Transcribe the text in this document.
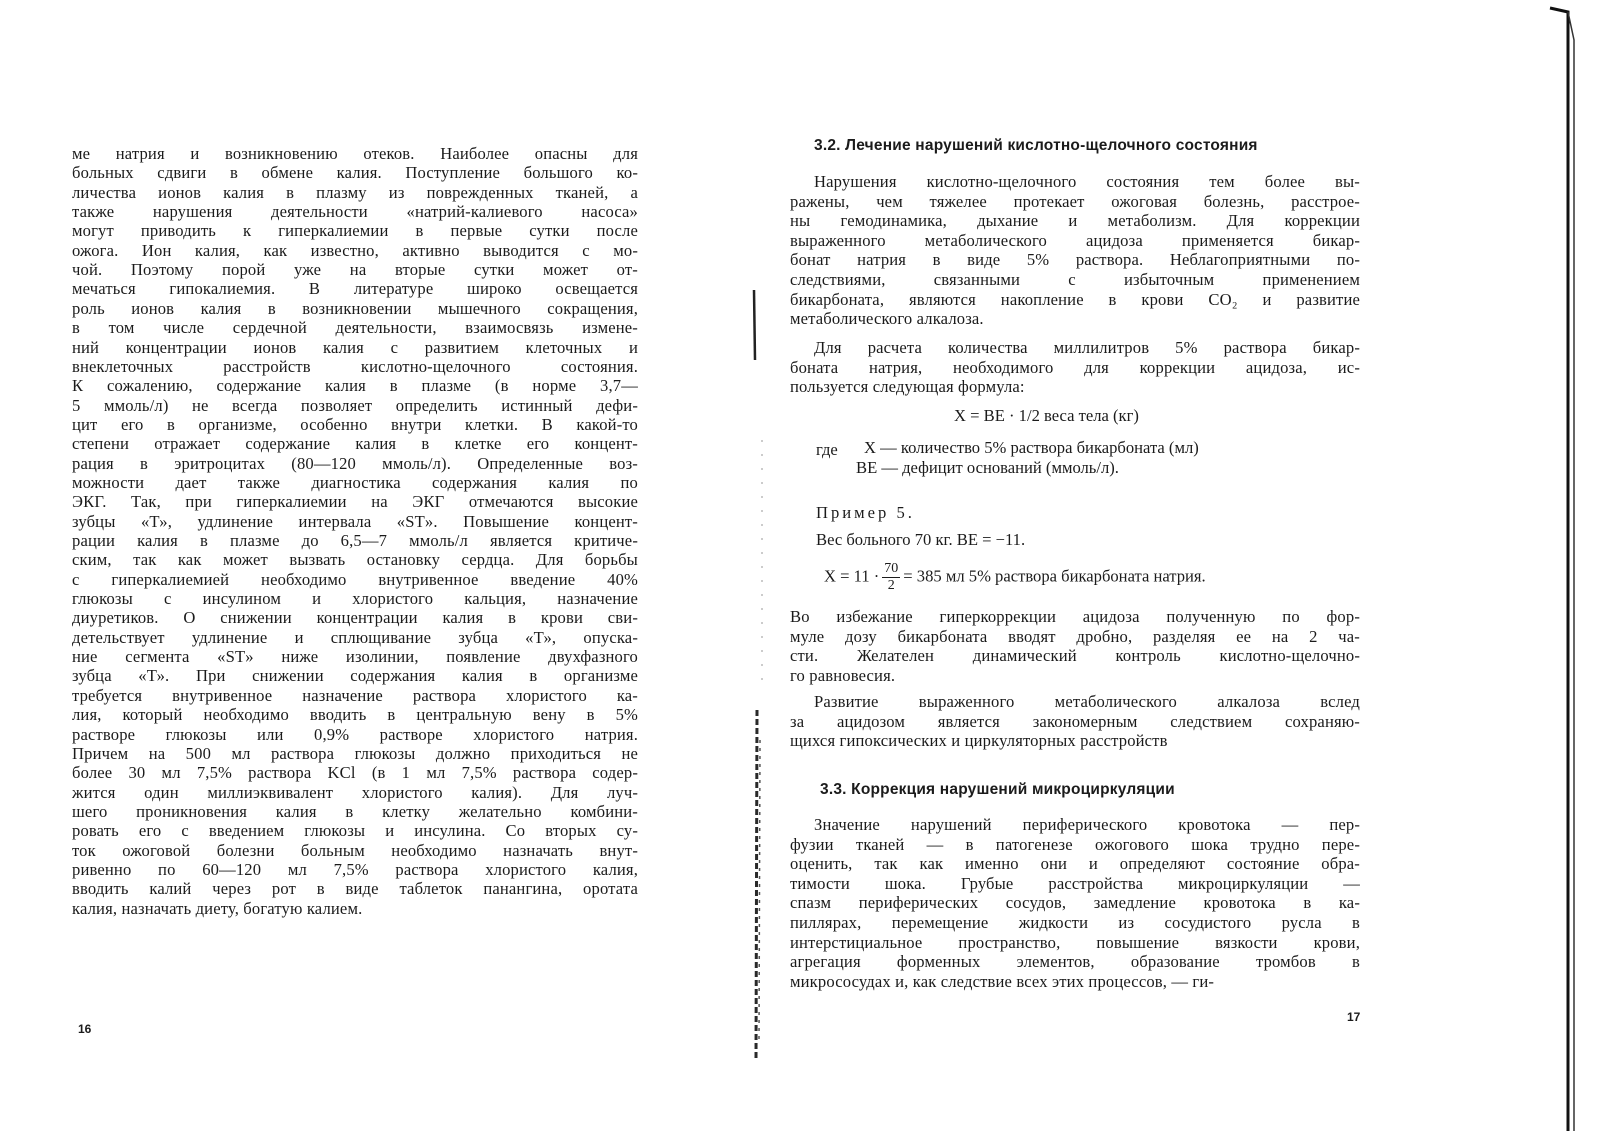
ме натрия и возникновению отеков. Наиболее опасны для
больных сдвиги в обмене калия. Поступление большого ко-
личества ионов калия в плазму из поврежденных тканей, а
также нарушения деятельности «натрий-калиевого насоса»
могут приводить к гиперкалиемии в первые сутки после
ожога. Ион калия, как известно, активно выводится с мо-
чой. Поэтому порой уже на вторые сутки может от-
мечаться гипокалиемия. В литературе широко освещается
роль ионов калия в возникновении мышечного сокращения,
в том числе сердечной деятельности, взаимосвязь измене-
ний концентрации ионов калия с развитием клеточных и
внеклеточных расстройств кислотно-щелочного состояния.
К сожалению, содержание калия в плазме (в норме 3,7—
5 ммоль/л) не всегда позволяет определить истинный дефи-
цит его в организме, особенно внутри клетки. В какой-то
степени отражает содержание калия в клетке его концент-
рация в эритроцитах (80—120 ммоль/л). Определенные воз-
можности дает также диагностика содержания калия по
ЭКГ. Так, при гиперкалиемии на ЭКГ отмечаются высокие
зубцы «Т», удлинение интервала «ST». Повышение концент-
рации калия в плазме до 6,5—7 ммоль/л является критиче-
ским, так как может вызвать остановку сердца. Для борьбы
с гиперкалиемией необходимо внутривенное введение 40%
глюкозы с инсулином и хлористого кальция, назначение
диуретиков. О снижении концентрации калия в крови сви-
детельствует удлинение и сплющивание зубца «Т», опуска-
ние сегмента «ST» ниже изолинии, появление двухфазного
зубца «Т». При снижении содержания калия в организме
требуется внутривенное назначение раствора хлористого ка-
лия, который необходимо вводить в центральную вену в 5%
растворе глюкозы или 0,9% растворе хлористого натрия.
Причем на 500 мл раствора глюкозы должно приходиться не
более 30 мл 7,5% раствора KCl (в 1 мл 7,5% раствора содер-
жится один миллиэквивалент хлористого калия). Для луч-
шего проникновения калия в клетку желательно комбини-
ровать его с введением глюкозы и инсулина. Со вторых су-
ток ожоговой болезни больным необходимо назначать внут-
ривенно по 60—120 мл 7,5% раствора хлористого калия,
вводить калий через рот в виде таблеток панангина, оротата
калия, назначать диету, богатую калием.
16
3.2. Лечение нарушений кислотно-щелочного состояния
Нарушения кислотно-щелочного состояния тем более вы-
ражены, чем тяжелее протекает ожоговая болезнь, расстрое-
ны гемодинамика, дыхание и метаболизм. Для коррекции
выраженного метаболического ацидоза применяется бикар-
бонат натрия в виде 5% раствора. Неблагоприятными по-
следствиями, связанными с избыточным применением
бикарбоната, являются накопление в крови CO₂ и развитие
метаболического алкалоза.
Для расчета количества миллилитров 5% раствора бикар-
боната натрия, необходимого для коррекции ацидоза, ис-
пользуется следующая формула:
X = BE · 1/2 веса тела (кг)
где X — количество 5% раствора бикарбоната (мл)
BE — дефицит оснований (ммоль/л).
Пример 5.
Вес больного 70 кг. BE = −11.
$X = 11 \cdot \frac{70}{2} = 385$ мл 5% раствора бикарбоната натрия.
Во избежание гиперкоррекции ацидоза полученную по фор-
муле дозу бикарбоната вводят дробно, разделяя ее на 2 ча-
сти. Желателен динамический контроль кислотно-щелочно-
го равновесия.
Развитие выраженного метаболического алкалоза вслед
за ацидозом является закономерным следствием сохраняю-
щихся гипоксических и циркуляторных расстройств
3.3. Коррекция нарушений микроциркуляции
Значение нарушений периферического кровотока — пер-
фузии тканей — в патогенезе ожогового шока трудно пере-
оценить, так как именно они и определяют состояние обра-
тимости шока. Грубые расстройства микроциркуляции —
спазм периферических сосудов, замедление кровотока в ка-
пиллярах, перемещение жидкости из сосудистого русла в
интерстициальное пространство, повышение вязкости крови,
агрегация форменных элементов, образование тромбов в
микрососудах и, как следствие всех этих процессов, — ги-
17
